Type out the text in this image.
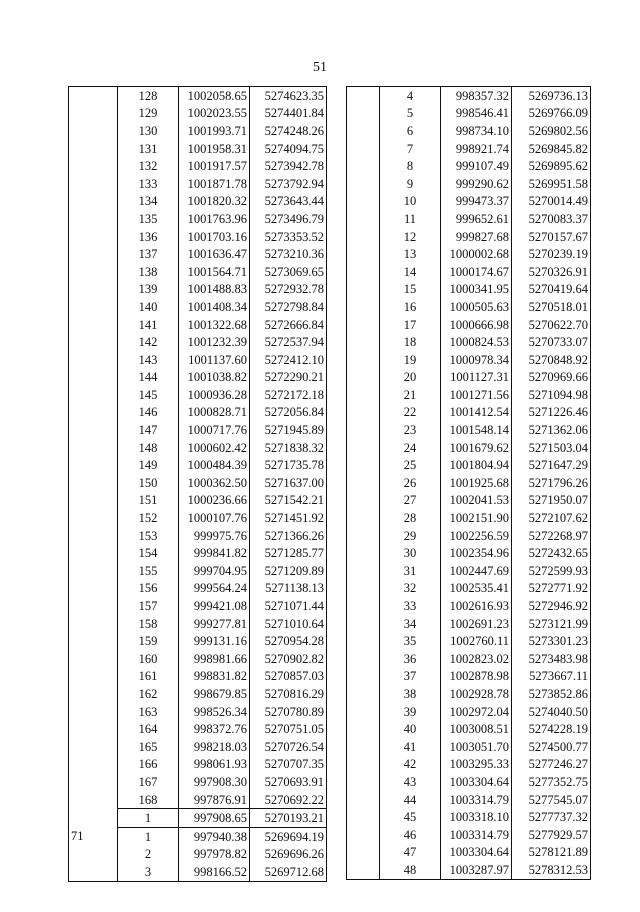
51
	128	1002058.65	5274623.35
	129	1002023.55	5274401.84
	130	1001993.71	5274248.26
	131	1001958.31	5274094.75
	132	1001917.57	5273942.78
	133	1001871.78	5273792.94
	134	1001820.32	5273643.44
	135	1001763.96	5273496.79
	136	1001703.16	5273353.52
	137	1001636.47	5273210.36
	138	1001564.71	5273069.65
	139	1001488.83	5272932.78
	140	1001408.34	5272798.84
	141	1001322.68	5272666.84
	142	1001232.39	5272537.94
	143	1001137.60	5272412.10
	144	1001038.82	5272290.21
	145	1000936.28	5272172.18
	146	1000828.71	5272056.84
	147	1000717.76	5271945.89
	148	1000602.42	5271838.32
	149	1000484.39	5271735.78
	150	1000362.50	5271637.00
	151	1000236.66	5271542.21
	152	1000107.76	5271451.92
	153	999975.76	5271366.26
	154	999841.82	5271285.77
	155	999704.95	5271209.89
	156	999564.24	5271138.13
	157	999421.08	5271071.44
	158	999277.81	5271010.64
	159	999131.16	5270954.28
	160	998981.66	5270902.82
	161	998831.82	5270857.03
	162	998679.85	5270816.29
	163	998526.34	5270780.89
	164	998372.76	5270751.05
	165	998218.03	5270726.54
	166	998061.93	5270707.35
	167	997908.30	5270693.91
	168	997876.91	5270692.22
	1	997908.65	5270193.21
71	1	997940.38	5269694.19
	2	997978.82	5269696.26
	3	998166.52	5269712.68
	4	998357.32	5269736.13
	5	998546.41	5269766.09
	6	998734.10	5269802.56
	7	998921.74	5269845.82
	8	999107.49	5269895.62
	9	999290.62	5269951.58
	10	999473.37	5270014.49
	11	999652.61	5270083.37
	12	999827.68	5270157.67
	13	1000002.68	5270239.19
	14	1000174.67	5270326.91
	15	1000341.95	5270419.64
	16	1000505.63	5270518.01
	17	1000666.98	5270622.70
	18	1000824.53	5270733.07
	19	1000978.34	5270848.92
	20	1001127.31	5270969.66
	21	1001271.56	5271094.98
	22	1001412.54	5271226.46
	23	1001548.14	5271362.06
	24	1001679.62	5271503.04
	25	1001804.94	5271647.29
	26	1001925.68	5271796.26
	27	1002041.53	5271950.07
	28	1002151.90	5272107.62
	29	1002256.59	5272268.97
	30	1002354.96	5272432.65
	31	1002447.69	5272599.93
	32	1002535.41	5272771.92
	33	1002616.93	5272946.92
	34	1002691.23	5273121.99
	35	1002760.11	5273301.23
	36	1002823.02	5273483.98
	37	1002878.98	5273667.11
	38	1002928.78	5273852.86
	39	1002972.04	5274040.50
	40	1003008.51	5274228.19
	41	1003051.70	5274500.77
	42	1003295.33	5277246.27
	43	1003304.64	5277352.75
	44	1003314.79	5277545.07
	45	1003318.10	5277737.32
	46	1003314.79	5277929.57
	47	1003304.64	5278121.89
	48	1003287.97	5278312.53
